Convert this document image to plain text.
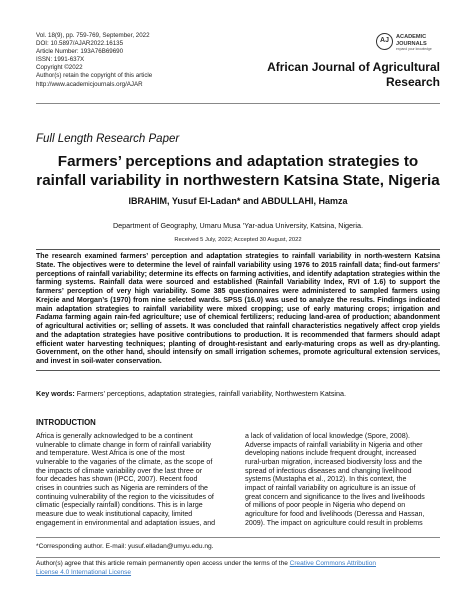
Vol. 18(9), pp. 759-769, September, 2022
DOI: 10.5897/AJAR2022.16135
Article Number: 193A76B69690
ISSN: 1991-637X
Copyright ©2022
Author(s) retain the copyright of this article
http://www.academicjournals.org/AJAR
AJ	ACADEMIC
JOURNALS
expand your knowledge
African Journal of Agricultural
Research
Full Length Research Paper
Farmers’ perceptions and adaptation strategies to
rainfall variability in northwestern Katsina State, Nigeria
IBRAHIM, Yusuf El-Ladan* and ABDULLAHI, Hamza
Department of Geography, Umaru Musa ’Yar-adua University, Katsina, Nigeria.
Received 5 July, 2022; Accepted 30 August, 2022

The research examined farmers’ perception and adaptation strategies to rainfall variability in north-western Katsina State. The objectives were to determine the level of rainfall variability using 1976 to 2015 rainfall data; find-out farmers’ perceptions of rainfall variability; determine its effects on farming activities, and identify adaptation strategies within the farming systems. Rainfall data were sourced and established (Rainfall Variability Index, RVI of 1.6) to support the farmers’ perception of very high variability. Some 385 questionnaires were administered to sampled farmers using Krejcie and Morgan’s (1970) from nine selected wards. SPSS (16.0) was used to analyze the results. Findings indicated main adaptation strategies to rainfall variability were mixed cropping; use of early maturing crops; irrigation and Fadama farming again rain-fed agriculture; use of chemical fertilizers; reducing land-area of production; abandonment of agricultural activities or; selling of assets. It was concluded that rainfall characteristics negatively affect crop yields and the adaptation strategies have positive contributions to production. It is recommended that farmers should adapt efficient water harvesting techniques; planting of drought-resistant and early-maturing crops as well as dry-planting. Government, on the other hand, should intensify on small irrigation schemes, promote agricultural extension services, and invest in soil-water conservation.

Key words: Farmers’ perceptions, adaptation strategies, rainfall variability, Northwestern Katsina.
INTRODUCTION
Africa is generally acknowledged to be a continent
vulnerable to climate change in form of rainfall variability
and temperature. West Africa is one of the most
vulnerable to the vagaries of the climate, as the scope of
the impacts of climate variability over the last three or
four decades has shown (IPCC, 2007). Recent food
crises in countries such as Nigeria are reminders of the
continuing vulnerability of the region to the vicissitudes of
climatic (especially rainfall) conditions. This is in large
measure due to weak institutional capacity, limited
engagement in environmental and adaptation issues, and
a lack of validation of local knowledge (Spore, 2008).
Adverse impacts of rainfall variability in Nigeria and other
developing nations include frequent drought, increased
rural-urban migration, increased biodiversity loss and the
spread of infectious diseases and changing livelihood
systems (Mustapha et al., 2012). In this context, the
impact of rainfall variability on agriculture is an issue of
great concern and significance to the lives and livelihoods
of millions of poor people in Nigeria who depend on
agriculture for food and livelihoods (Deressa and Hassan,
2009). The impact on agriculture could result in problems
*Corresponding author. E-mail: yusuf.elladan@umyu.edu.ng.
Author(s) agree that this article remain permanently open access under the terms of the Creative Commons Attribution
License 4.0 International License
